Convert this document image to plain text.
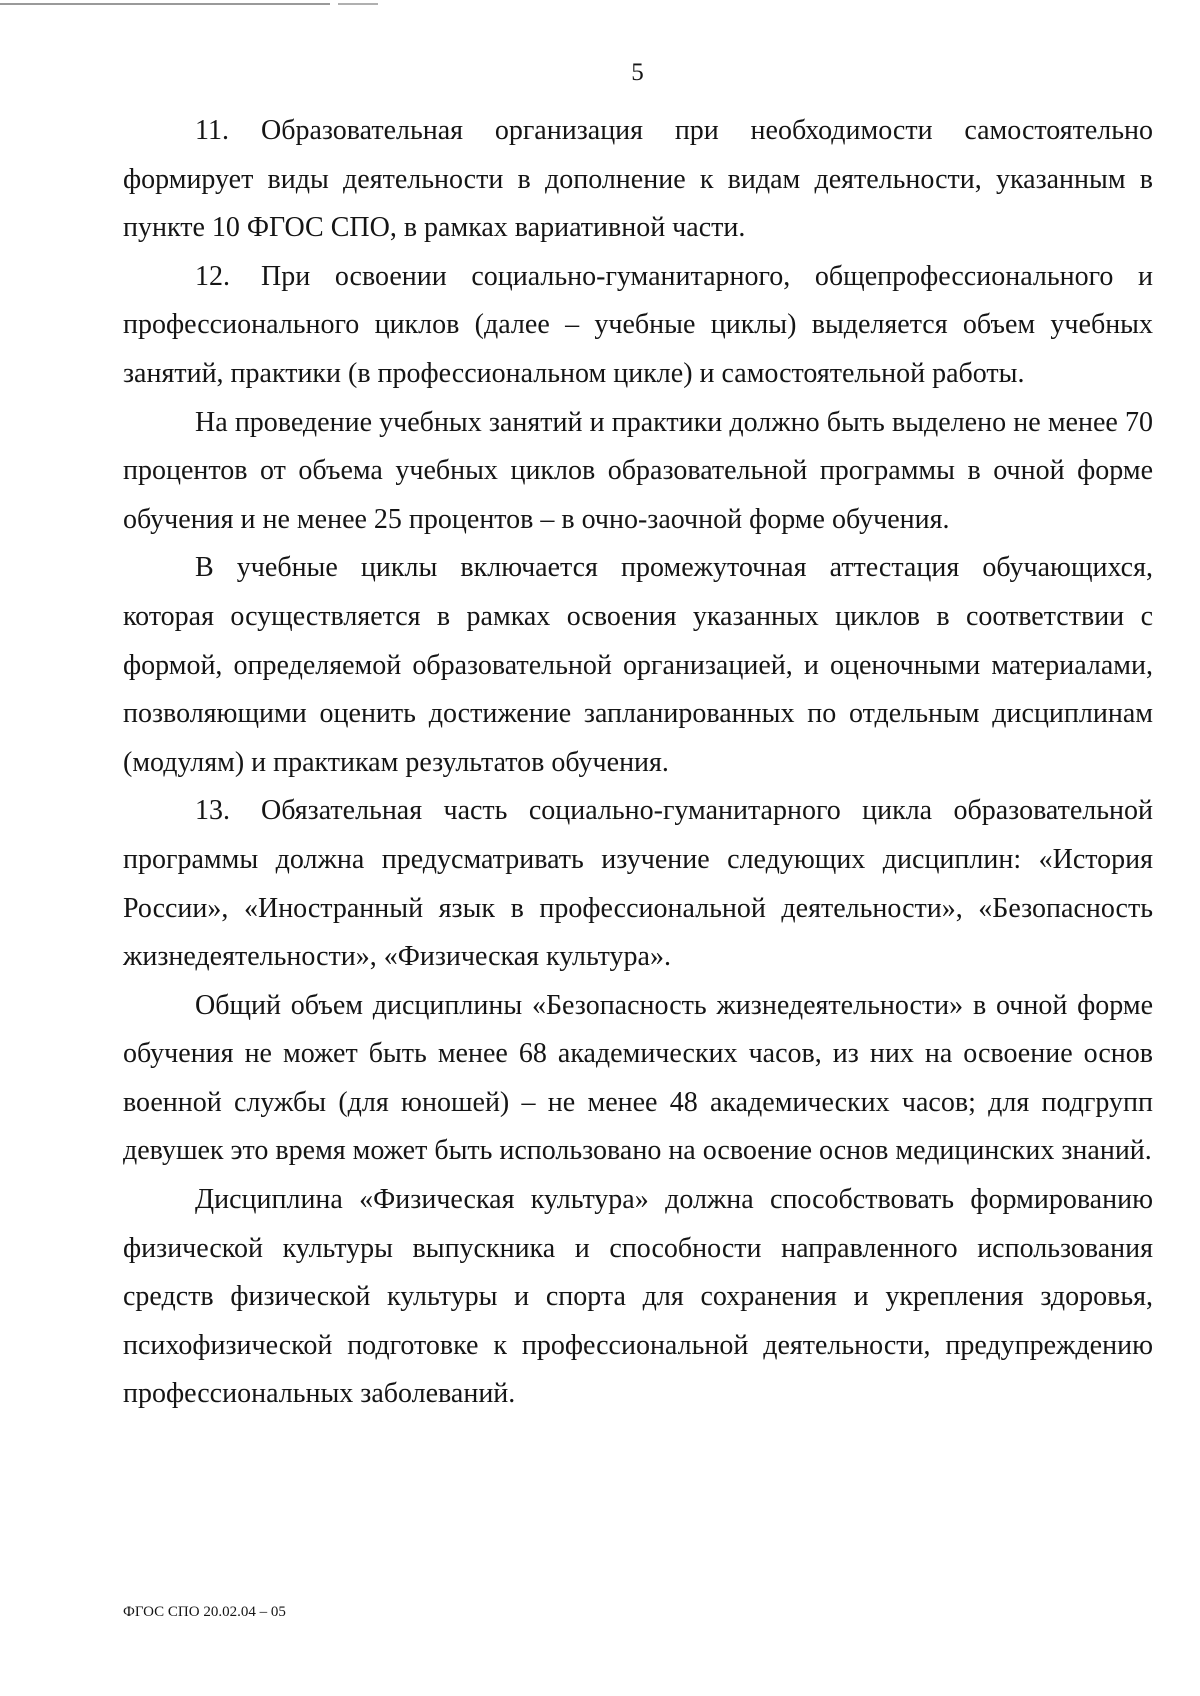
5

11. Образовательная организация при необходимости самостоятельно формирует виды деятельности в дополнение к видам деятельности, указанным в пункте 10 ФГОС СПО, в рамках вариативной части.

12. При освоении социально-гуманитарного, общепрофессионального и профессионального циклов (далее – учебные циклы) выделяется объем учебных занятий, практики (в профессиональном цикле) и самостоятельной работы.

На проведение учебных занятий и практики должно быть выделено не менее 70 процентов от объема учебных циклов образовательной программы в очной форме обучения и не менее 25 процентов – в очно-заочной форме обучения.

В учебные циклы включается промежуточная аттестация обучающихся, которая осуществляется в рамках освоения указанных циклов в соответствии с формой, определяемой образовательной организацией, и оценочными материалами, позволяющими оценить достижение запланированных по отдельным дисциплинам (модулям) и практикам результатов обучения.

13. Обязательная часть социально-гуманитарного цикла образовательной программы должна предусматривать изучение следующих дисциплин: «История России», «Иностранный язык в профессиональной деятельности», «Безопасность жизнедеятельности», «Физическая культура».

Общий объем дисциплины «Безопасность жизнедеятельности» в очной форме обучения не может быть менее 68 академических часов, из них на освоение основ военной службы (для юношей) – не менее 48 академических часов; для подгрупп девушек это время может быть использовано на освоение основ медицинских знаний.

Дисциплина «Физическая культура» должна способствовать формированию физической культуры выпускника и способности направленного использования средств физической культуры и спорта для сохранения и укрепления здоровья, психофизической подготовке к профессиональной деятельности, предупреждению профессиональных заболеваний.

ФГОС СПО 20.02.04 – 05
